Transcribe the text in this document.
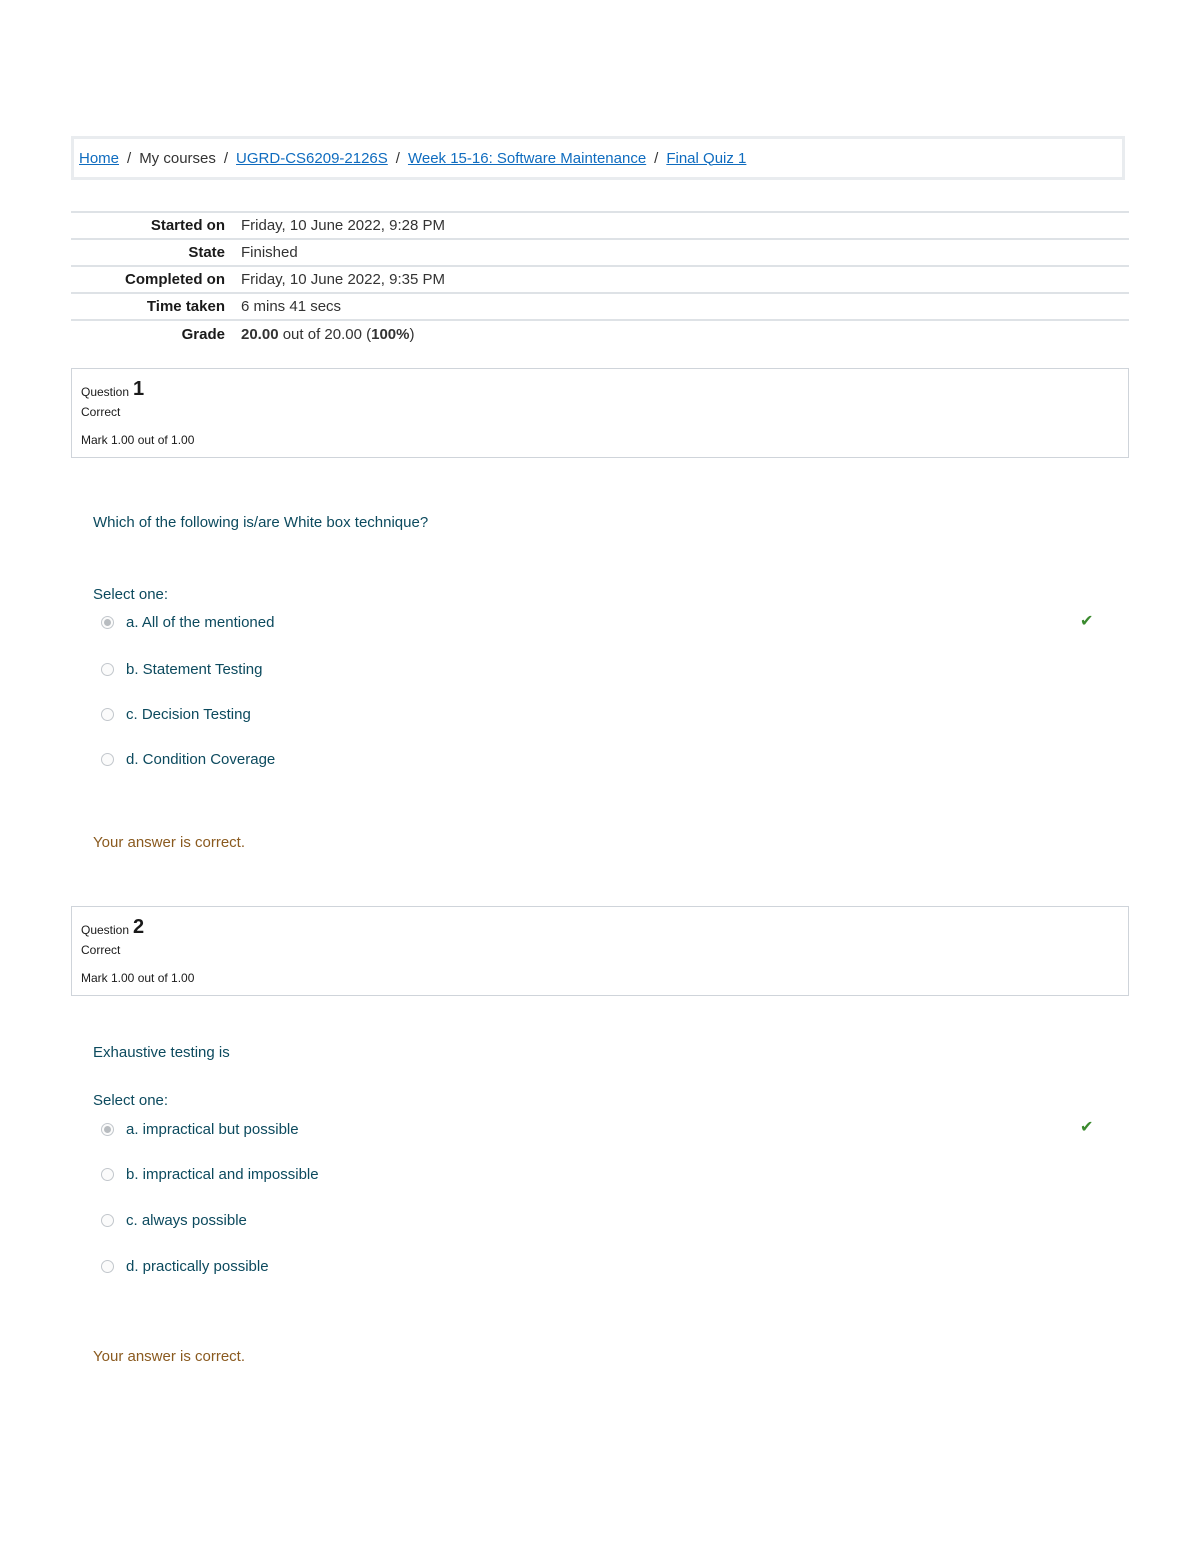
Home / My courses / UGRD-CS6209-2126S / Week 15-16: Software Maintenance / Final Quiz 1
Started on	Friday, 10 June 2022, 9:28 PM
State	Finished
Completed on	Friday, 10 June 2022, 9:35 PM
Time taken	6 mins 41 secs
Grade	20.00 out of 20.00 (100%)
Question 1
Correct
Mark 1.00 out of 1.00
Which of the following is/are White box technique?
Select one:
a. All of the mentioned	✔
b. Statement Testing
c. Decision Testing
d. Condition Coverage
Your answer is correct.
Question 2
Correct
Mark 1.00 out of 1.00
Exhaustive testing is
Select one:
a. impractical but possible	✔
b. impractical and impossible
c. always possible
d. practically possible
Your answer is correct.
